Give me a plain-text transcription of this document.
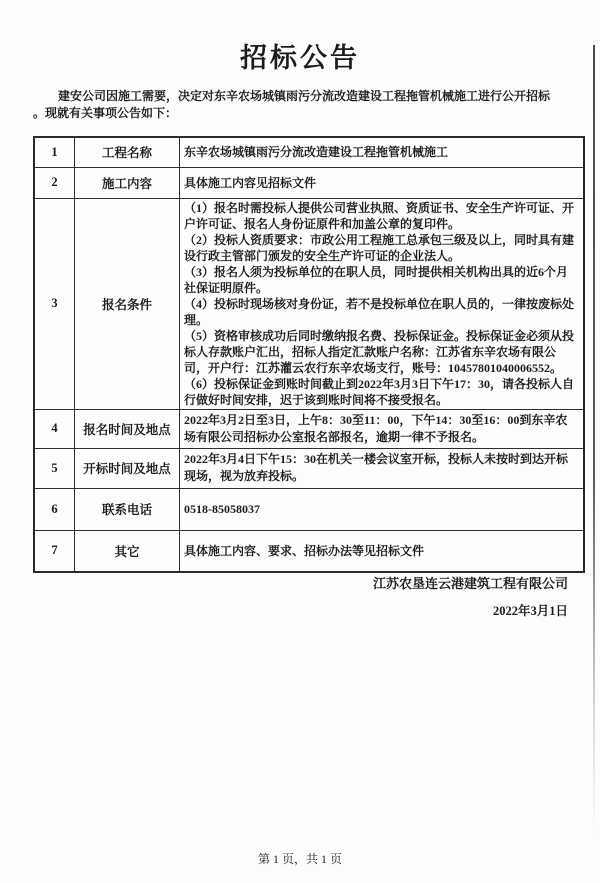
招标公告
建安公司因施工需要，决定对东辛农场城镇雨污分流改造建设工程拖管机械施工进行公开招标
。现就有关事项公告如下：
1	工程名称	东辛农场城镇雨污分流改造建设工程拖管机械施工
2	施工内容	具体施工内容见招标文件
3	报名条件	

（1）报名时需投标人提供公司营业执照、资质证书、安全生产许可证、开户许可证、报名人身份证原件和加盖公章的复印件。

（2）投标人资质要求：市政公用工程施工总承包三级及以上，同时具有建设行政主管部门颁发的安全生产许可证的企业法人。

（3）报名人须为投标单位的在职人员，同时提供相关机构出具的近6个月社保证明原件。

（4）投标时现场核对身份证，若不是投标单位在职人员的，一律按废标处理。

（5）资格审核成功后同时缴纳报名费、投标保证金。投标保证金必须从投标人存款账户汇出，招标人指定汇款账户名称：江苏省东辛农场有限公司，开户行：江苏灌云农行东辛农场支行，账号：10457801040006552。

（6）投标保证金到账时间截止到2022年3月3日下午17：30，请各投标人自行做好时间安排，迟于该到账时间将不接受报名。

4	报名时间及地点	2022年3月2日至3日，上午8：30至11：00，下午14：30至16：00到东辛农场有限公司招标办公室报名部报名，逾期一律不予报名。
5	开标时间及地点	2022年3月4日下午15：30在机关一楼会议室开标，投标人未按时到达开标现场，视为放弃投标。
6	联系电话	0518-85058037
7	其它	具体施工内容、要求、招标办法等见招标文件
江苏农垦连云港建筑工程有限公司
2022年3月1日
第 1 页，共 1 页
